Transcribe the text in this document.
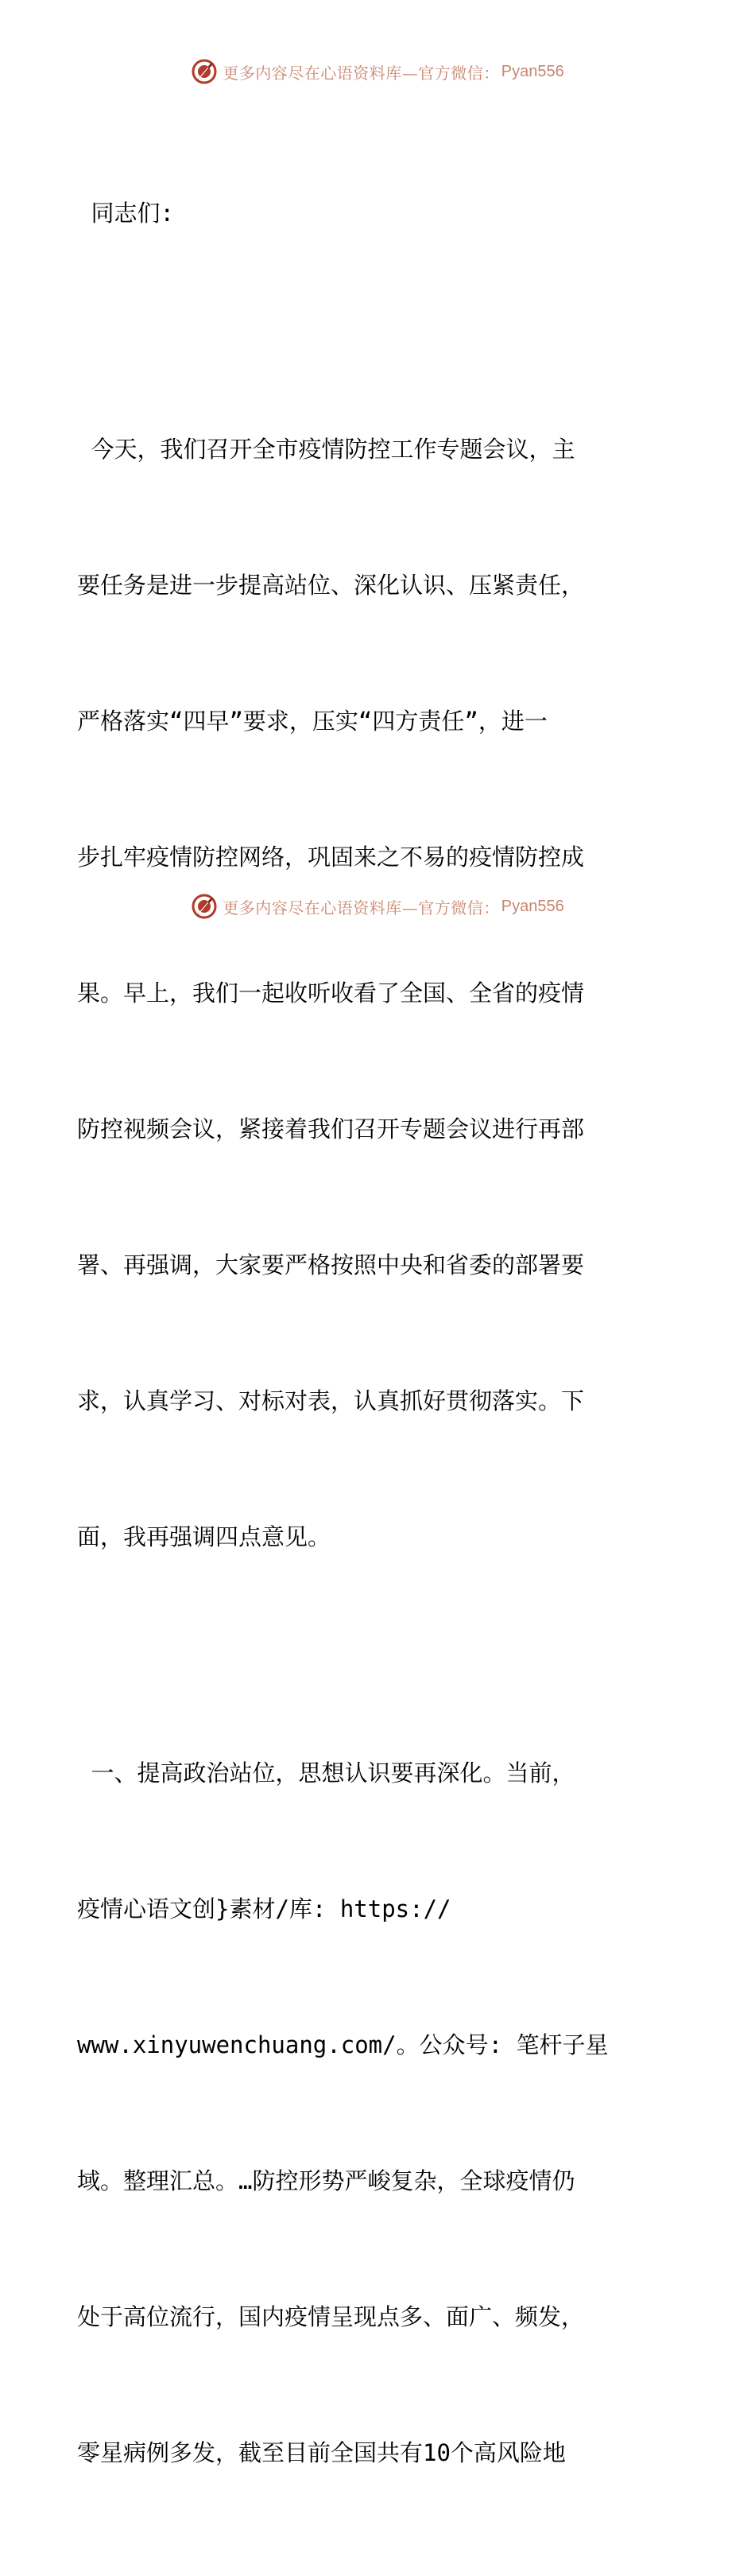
更多内容尽在心语资料库—官方微信： Pyan556

同志们:

今天，我们召开全市疫情防控工作专题会议，主

要任务是进一步提高站位、深化认识、压紧责任，

严格落实“四早”要求，压实“四方责任”，进一

步扎牢疫情防控网络，巩固来之不易的疫情防控成

果。早上，我们一起收听收看了全国、全省的疫情

防控视频会议，紧接着我们召开专题会议进行再部

署、再强调，大家要严格按照中央和省委的部署要

求，认真学习、对标对表，认真抓好贯彻落实。下

面，我再强调四点意见。

一、提高政治站位，思想认识要再深化。当前，

疫情心语文创}素材/库: https://

www.xinyuwenchuang.com/。公众号: 笔杆子星

域。整理汇总。…防控形势严峻复杂，全球疫情仍

处于高位流行，国内疫情呈现点多、面广、频发，

零星病例多发，截至目前全国共有10个高风险地

更多内容尽在心语资料库—官方微信： Pyan556
